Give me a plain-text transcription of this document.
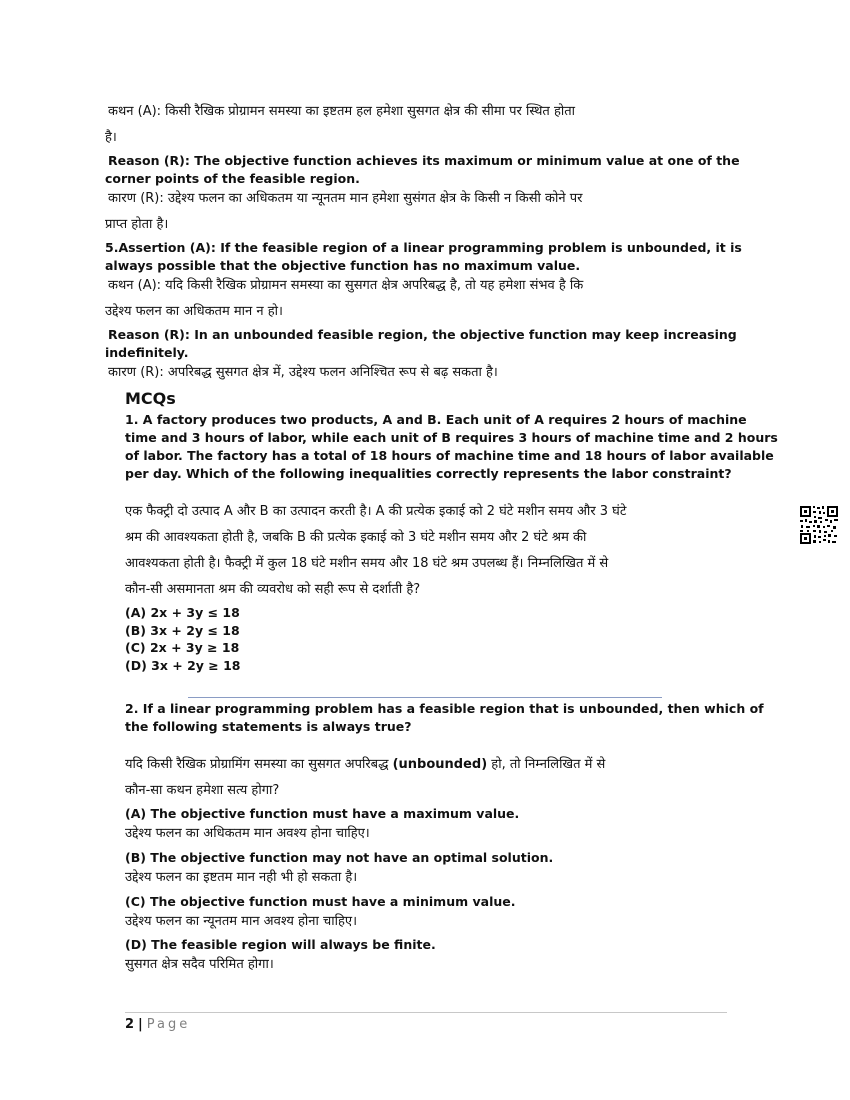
कथन (A): किसी रैखिक प्रोग्रामन समस्या का इष्टतम हल हमेशा सुसगत क्षेत्र की सीमा पर स्थित होता
है।
Reason (R): The objective function achieves its maximum or minimum value at one of the
corner points of the feasible region.
कारण (R): उद्देश्य फलन का अधिकतम या न्यूनतम मान हमेशा सुसंगत क्षेत्र के किसी न किसी कोने पर
प्राप्त होता है।
5.Assertion (A): If the feasible region of a linear programming problem is unbounded, it is
always possible that the objective function has no maximum value.
कथन (A): यदि किसी रैखिक प्रोग्रामन समस्या का सुसगत क्षेत्र अपरिबद्ध है, तो यह हमेशा संभव है कि
उद्देश्य फलन का अधिकतम मान न हो।
Reason (R): In an unbounded feasible region, the objective function may keep increasing
indefinitely.
कारण (R): अपरिबद्ध सुसगत क्षेत्र में, उद्देश्य फलन अनिश्चित रूप से बढ़ सकता है।
MCQs
1. A factory produces two products, A and B. Each unit of A requires 2 hours of machine
time and 3 hours of labor, while each unit of B requires 3 hours of machine time and 2 hours
of labor. The factory has a total of 18 hours of machine time and 18 hours of labor available
per day. Which of the following inequalities correctly represents the labor constraint?
एक फैक्ट्री दो उत्पाद A और B का उत्पादन करती है। A की प्रत्येक इकाई को 2 घंटे मशीन समय और 3 घंटे
श्रम की आवश्यकता होती है, जबकि B की प्रत्येक इकाई को 3 घंटे मशीन समय और 2 घंटे श्रम की
आवश्यकता होती है। फैक्ट्री में कुल 18 घंटे मशीन समय और 18 घंटे श्रम उपलब्ध हैं। निम्नलिखित में से
कौन-सी असमानता श्रम की व्यवरोध को सही रूप से दर्शाती है?
(A) 2x + 3y ≤ 18
(B) 3x + 2y ≤ 18
(C) 2x + 3y ≥ 18
(D) 3x + 2y ≥ 18
2. If a linear programming problem has a feasible region that is unbounded, then which of
the following statements is always true?
यदि किसी रैखिक प्रोग्रामिंग समस्या का सुसगत अपरिबद्ध (unbounded) हो, तो निम्नलिखित में से
कौन-सा कथन हमेशा सत्य होगा?
(A) The objective function must have a maximum value.
उद्देश्य फलन का अधिकतम मान अवश्य होना चाहिए।
(B) The objective function may not have an optimal solution.
उद्देश्य फलन का इष्टतम मान नही भी हो सकता है।
(C) The objective function must have a minimum value.
उद्देश्य फलन का न्यूनतम मान अवश्य होना चाहिए।
(D) The feasible region will always be finite.
सुसगत क्षेत्र सदैव परिमित होगा।
2 | Page
